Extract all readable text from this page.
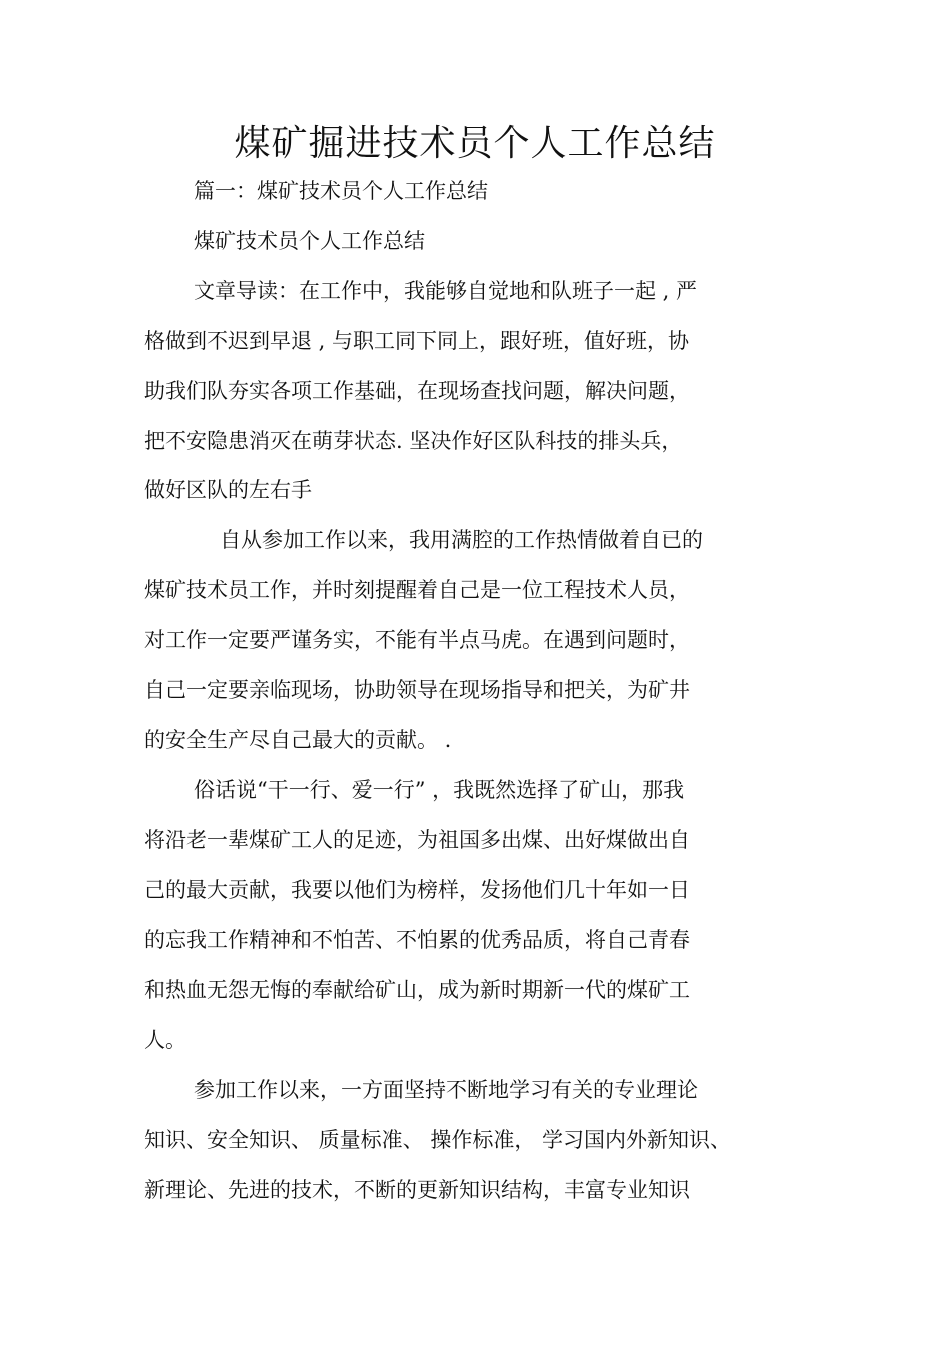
煤矿掘进技术员个人工作总结
篇一：煤矿技术员个人工作总结
煤矿技术员个人工作总结
文章导读：在工作中，我能够自觉地和队班子一起 , 严
格做到不迟到早退 , 与职工同下同上，跟好班，值好班，协
助我们队夯实各项工作基础，在现场查找问题，解决问题，
把不安隐患消灭在萌芽状态. 坚决作好区队科技的排头兵，
做好区队的左右手
自从参加工作以来，我用满腔的工作热情做着自已的
煤矿技术员工作，并时刻提醒着自己是一位工程技术人员，
对工作一定要严谨务实，不能有半点马虎。在遇到问题时，
自己一定要亲临现场，协助领导在现场指导和把关，为矿井
的安全生产尽自己最大的贡献。 .
俗话说“干一行、爱一行” ，我既然选择了矿山，那我
将沿老一辈煤矿工人的足迹，为祖国多出煤、出好煤做出自
己的最大贡献，我要以他们为榜样，发扬他们几十年如一日
的忘我工作精神和不怕苦、不怕累的优秀品质，将自己青春
和热血无怨无悔的奉献给矿山，成为新时期新一代的煤矿工
人。
参加工作以来，一方面坚持不断地学习有关的专业理论
知识、安全知识、 质量标准、 操作标准， 学习国内外新知识、
新理论、先进的技术，不断的更新知识结构，丰富专业知识
